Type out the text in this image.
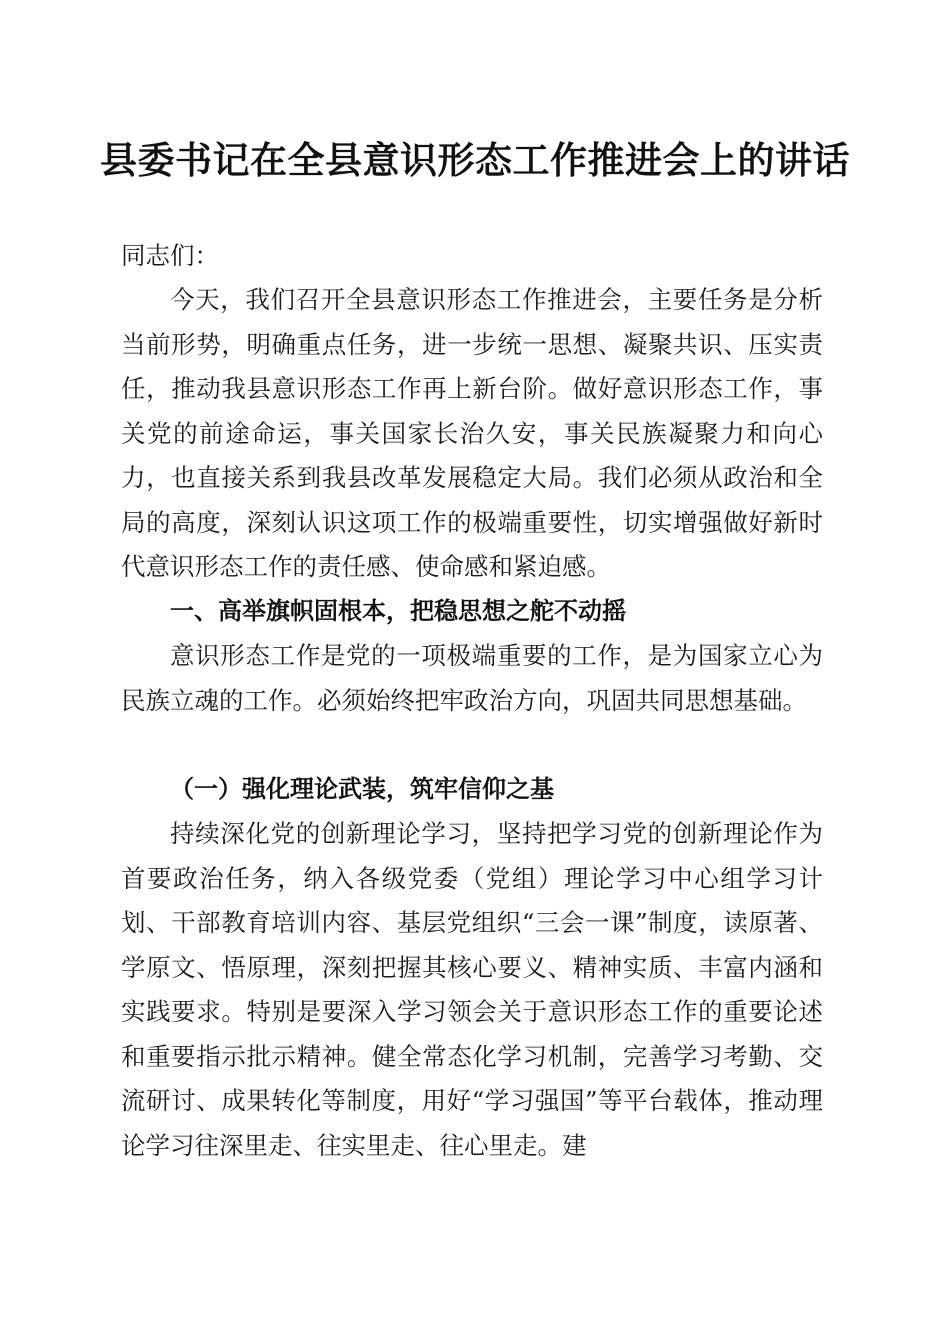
县委书记在全县意识形态工作推进会上的讲话

同志们：

今天，我们召开全县意识形态工作推进会，主要任务是分析当前形势，明确重点任务，进一步统一思想、凝聚共识、压实责任，推动我县意识形态工作再上新台阶。做好意识形态工作，事关党的前途命运，事关国家长治久安，事关民族凝聚力和向心力，也直接关系到我县改革发展稳定大局。我们必须从政治和全局的高度，深刻认识这项工作的极端重要性，切实增强做好新时代意识形态工作的责任感、使命感和紧迫感。

一、高举旗帜固根本，把稳思想之舵不动摇

意识形态工作是党的一项极端重要的工作，是为国家立心为民族立魂的工作。必须始终把牢政治方向，巩固共同思想基础。

（一）强化理论武装，筑牢信仰之基

持续深化党的创新理论学习，坚持把学习党的创新理论作为首要政治任务，纳入各级党委（党组）理论学习中心组学习计划、干部教育培训内容、基层党组织“三会一课”制度，读原著、学原文、悟原理，深刻把握其核心要义、精神实质、丰富内涵和实践要求。特别是要深入学习领会关于意识形态工作的重要论述和重要指示批示精神。健全常态化学习机制，完善学习考勤、交流研讨、成果转化等制度，用好“学习强国”等平台载体，推动理论学习往深里走、往实里走、往心里走。建
